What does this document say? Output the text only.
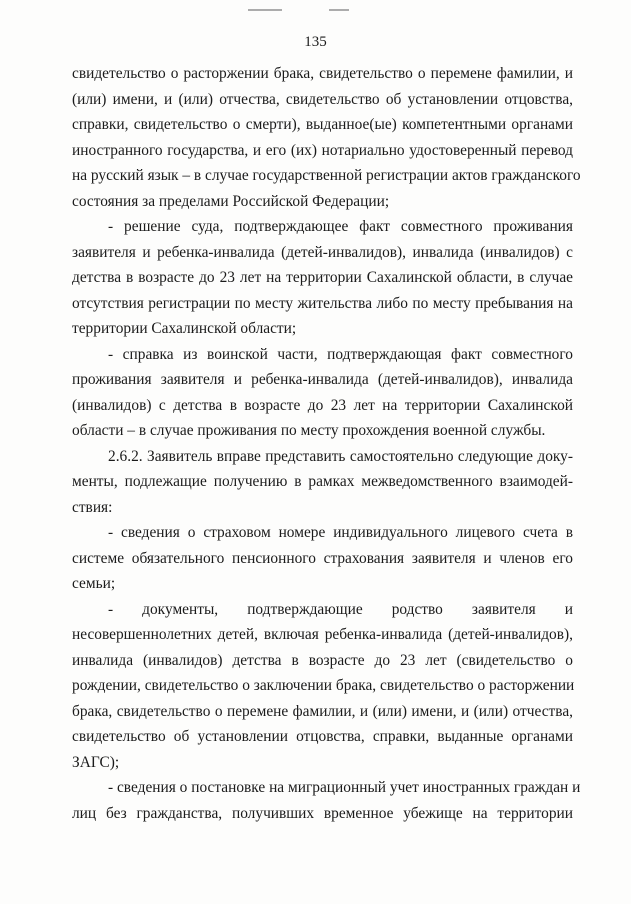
135
свидетельство о расторжении брака, свидетельство о перемене фамилии, и
(или) имени, и (или) отчества, свидетельство об установлении отцовства,
справки, свидетельство о смерти), выданное(ые) компетентными органами
иностранного государства, и его (их) нотариально удостоверенный перевод
на русский язык – в случае государственной регистрации актов гражданского
состояния за пределами Российской Федерации;
- решение суда, подтверждающее факт совместного проживания
заявителя и ребенка-инвалида (детей-инвалидов), инвалида (инвалидов) с
детства в возрасте до 23 лет на территории Сахалинской области, в случае
отсутствия регистрации по месту жительства либо по месту пребывания на
территории Сахалинской области;
- справка из воинской части, подтверждающая факт совместного
проживания заявителя и ребенка-инвалида (детей-инвалидов), инвалида
(инвалидов) с детства в возрасте до 23 лет на территории Сахалинской
области – в случае проживания по месту прохождения военной службы.
2.6.2. Заявитель вправе представить самостоятельно следующие доку-
менты, подлежащие получению в рамках межведомственного взаимодей-
ствия:
- сведения о страховом номере индивидуального лицевого счета в
системе обязательного пенсионного страхования заявителя и членов его
семьи;
- документы, подтверждающие родство заявителя и
несовершеннолетних детей, включая ребенка-инвалида (детей-инвалидов),
инвалида (инвалидов) детства в возрасте до 23 лет (свидетельство о
рождении, свидетельство о заключении брака, свидетельство о расторжении
брака, свидетельство о перемене фамилии, и (или) имени, и (или) отчества,
свидетельство об установлении отцовства, справки, выданные органами
ЗАГС);
- сведения о постановке на миграционный учет иностранных граждан и
лиц без гражданства, получивших временное убежище на территории
